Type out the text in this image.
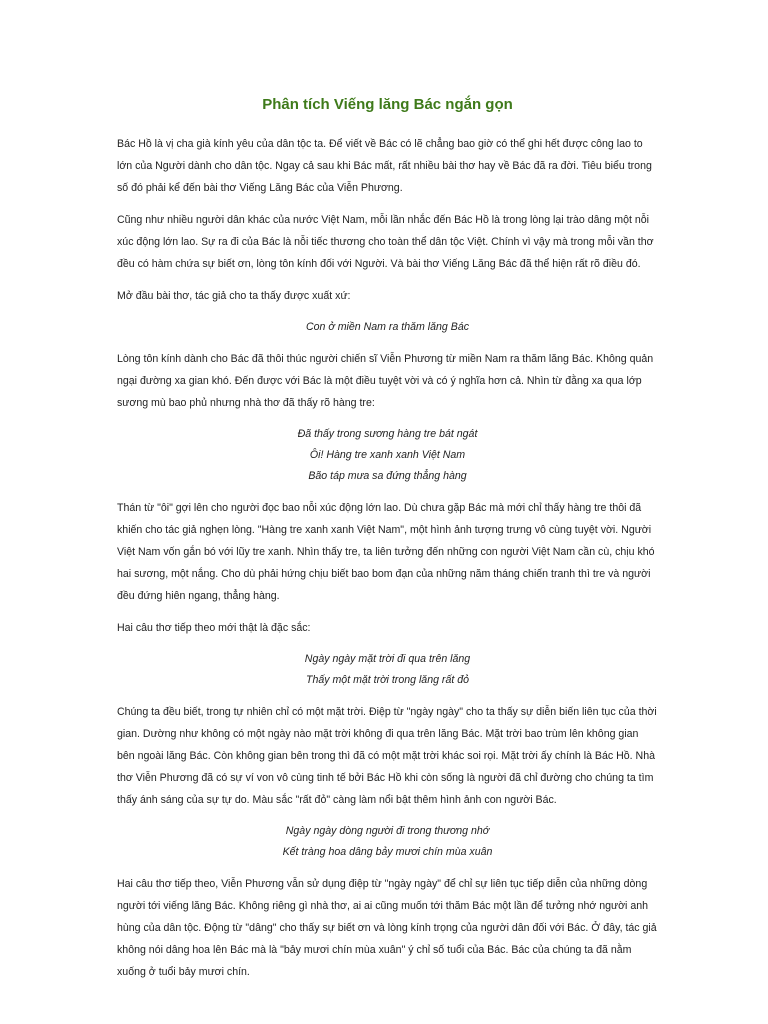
Phân tích Viếng lăng Bác ngắn gọn

Bác Hồ là vị cha già kính yêu của dân tộc ta. Để viết về Bác có lẽ chẳng bao giờ có thể ghi hết được công lao to lớn của Người dành cho dân tộc. Ngay cả sau khi Bác mất, rất nhiều bài thơ hay về Bác đã ra đời. Tiêu biểu trong số đó phải kể đến bài thơ Viếng Lăng Bác của Viễn Phương.

Cũng như nhiều người dân khác của nước Việt Nam, mỗi lần nhắc đến Bác Hồ là trong lòng lại trào dâng một nỗi xúc động lớn lao. Sự ra đi của Bác là nỗi tiếc thương cho toàn thể dân tộc Việt. Chính vì vậy mà trong mỗi vần thơ đều có hàm chứa sự biết ơn, lòng tôn kính đối với Người. Và bài thơ Viếng Lăng Bác đã thể hiện rất rõ điều đó.

Mở đầu bài thơ, tác giả cho ta thấy được xuất xứ:

Con ở miền Nam ra thăm lăng Bác

Lòng tôn kính dành cho Bác đã thôi thúc người chiến sĩ Viễn Phương từ miền Nam ra thăm lăng Bác. Không quản ngại đường xa gian khó. Đến được với Bác là một điều tuyệt vời và có ý nghĩa hơn cả. Nhìn từ đằng xa qua lớp sương mù bao phủ nhưng nhà thơ đã thấy rõ hàng tre:

Đã thấy trong sương hàng tre bát ngát
Ôi! Hàng tre xanh xanh Việt Nam
Bão táp mưa sa đứng thẳng hàng

Thán từ "ôi" gợi lên cho người đọc bao nỗi xúc động lớn lao. Dù chưa gặp Bác mà mới chỉ thấy hàng tre thôi đã khiến cho tác giả nghẹn lòng. "Hàng tre xanh xanh Việt Nam", một hình ảnh tượng trưng vô cùng tuyệt vời. Người Việt Nam vốn gắn bó với lũy tre xanh. Nhìn thấy tre, ta liên tưởng đến những con người Việt Nam cần cù, chịu khó hai sương, một nắng. Cho dù phải hứng chịu biết bao bom đạn của những năm tháng chiến tranh thì tre và người đều đứng hiên ngang, thẳng hàng.

Hai câu thơ tiếp theo mới thật là đặc sắc:

Ngày ngày mặt trời đi qua trên lăng
Thấy một mặt trời trong lăng rất đỏ

Chúng ta đều biết, trong tự nhiên chỉ có một mặt trời. Điệp từ "ngày ngày" cho ta thấy sự diễn biến liên tục của thời gian. Dường như không có một ngày nào mặt trời không đi qua trên lăng Bác. Mặt trời bao trùm lên không gian bên ngoài lăng Bác. Còn không gian bên trong thì đã có một mặt trời khác soi rọi. Mặt trời ấy chính là Bác Hồ. Nhà thơ Viễn Phương đã có sự ví von vô cùng tinh tế bởi Bác Hồ khi còn sống là người đã chỉ đường cho chúng ta tìm thấy ánh sáng của sự tự do. Màu sắc "rất đỏ" càng làm nổi bật thêm hình ảnh con người Bác.

Ngày ngày dòng người đi trong thương nhớ
Kết tràng hoa dâng bảy mươi chín mùa xuân

Hai câu thơ tiếp theo, Viễn Phương vẫn sử dụng điệp từ "ngày ngày" để chỉ sự liên tục tiếp diễn của những dòng người tới viếng lăng Bác. Không riêng gì nhà thơ, ai ai cũng muốn tới thăm Bác một lần để tưởng nhớ người anh hùng của dân tộc. Động từ "dâng" cho thấy sự biết ơn và lòng kính trọng của người dân đối với Bác. Ở đây, tác giả không nói dâng hoa lên Bác mà là "bảy mươi chín mùa xuân" ý chỉ số tuổi của Bác. Bác của chúng ta đã nằm xuống ở tuổi bảy mươi chín.
